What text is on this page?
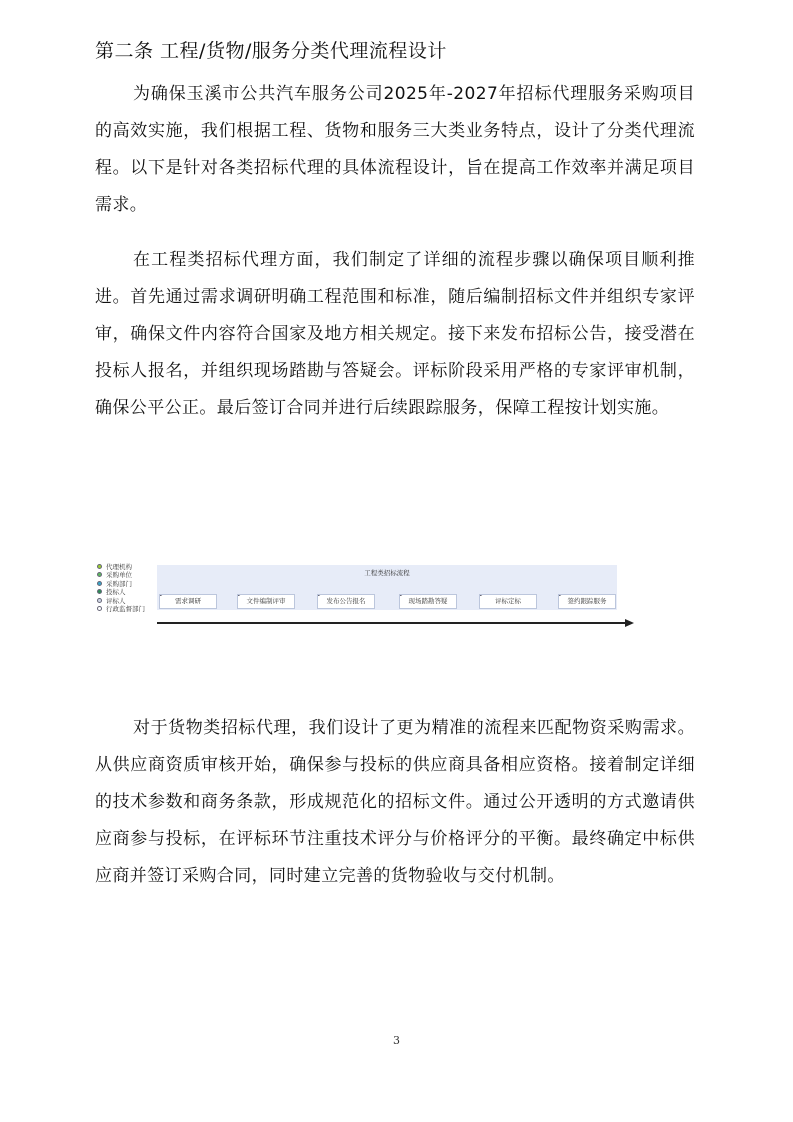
第二条 工程/货物/服务分类代理流程设计

为确保玉溪市公共汽车服务公司2025年-2027年招标代理服务采购项目的高效实施，我们根据工程、货物和服务三大类业务特点，设计了分类代理流程。以下是针对各类招标代理的具体流程设计，旨在提高工作效率并满足项目需求。

在工程类招标代理方面，我们制定了详细的流程步骤以确保项目顺利推进。首先通过需求调研明确工程范围和标准，随后编制招标文件并组织专家评审，确保文件内容符合国家及地方相关规定。接下来发布招标公告，接受潜在投标人报名，并组织现场踏勘与答疑会。评标阶段采用严格的专家评审机制，确保公平公正。最后签订合同并进行后续跟踪服务，保障工程按计划实施。

代理机构
采购单位
采购部门
投标人
评标人
行政监督部门
工程类招标流程
需求调研	文件编制评审	发布公告报名	现场踏勘答疑	评标定标	签约跟踪服务

对于货物类招标代理，我们设计了更为精准的流程来匹配物资采购需求。从供应商资质审核开始，确保参与投标的供应商具备相应资格。接着制定详细的技术参数和商务条款，形成规范化的招标文件。通过公开透明的方式邀请供应商参与投标，在评标环节注重技术评分与价格评分的平衡。最终确定中标供应商并签订采购合同，同时建立完善的货物验收与交付机制。

3
